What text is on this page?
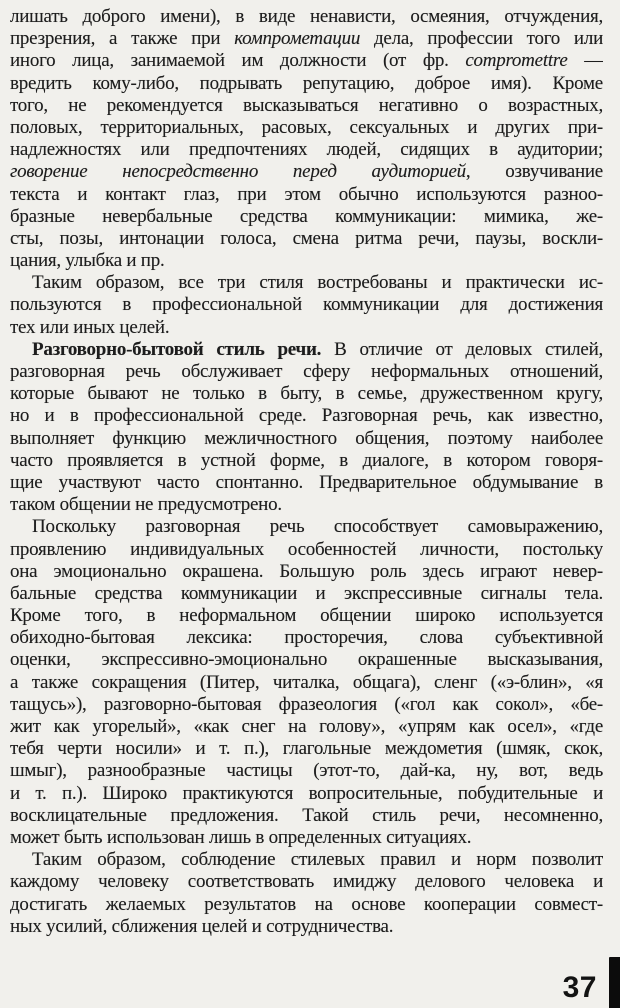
лишать доброго имени), в виде ненависти, осмеяния, отчуждения,
презрения, а также при компрометации дела, профессии того или
иного лица, занимаемой им должности (от фр. compromettre —
вредить кому-либо, подрывать репутацию, доброе имя). Кроме
того, не рекомендуется высказываться негативно о возрастных,
половых, территориальных, расовых, сексуальных и других при-
надлежностях или предпочтениях людей, сидящих в аудитории;
говорение непосредственно перед аудиторией, озвучивание
текста и контакт глаз, при этом обычно используются разноо-
бразные невербальные средства коммуникации: мимика, же-
сты, позы, интонации голоса, смена ритма речи, паузы, воскли-
цания, улыбка и пр.
Таким образом, все три стиля востребованы и практически ис-
пользуются в профессиональной коммуникации для достижения
тех или иных целей.
Разговорно-бытовой стиль речи. В отличие от деловых стилей,
разговорная речь обслуживает сферу неформальных отношений,
которые бывают не только в быту, в семье, дружественном кругу,
но и в профессиональной среде. Разговорная речь, как известно,
выполняет функцию межличностного общения, поэтому наиболее
часто проявляется в устной форме, в диалоге, в котором говоря-
щие участвуют часто спонтанно. Предварительное обдумывание в
таком общении не предусмотрено.
Поскольку разговорная речь способствует самовыражению,
проявлению индивидуальных особенностей личности, постольку
она эмоционально окрашена. Большую роль здесь играют невер-
бальные средства коммуникации и экспрессивные сигналы тела.
Кроме того, в неформальном общении широко используется
обиходно-бытовая лексика: просторечия, слова субъективной
оценки, экспрессивно-эмоционально окрашенные высказывания,
а также сокращения (Питер, читалка, общага), сленг («э-блин», «я
тащусь»), разговорно-бытовая фразеология («гол как сокол», «бе-
жит как угорелый», «как снег на голову», «упрям как осел», «где
тебя черти носили» и т. п.), глагольные междометия (шмяк, скок,
шмыг), разнообразные частицы (этот-то, дай-ка, ну, вот, ведь
и т. п.). Широко практикуются вопросительные, побудительные и
восклицательные предложения. Такой стиль речи, несомненно,
может быть использован лишь в определенных ситуациях.
Таким образом, соблюдение стилевых правил и норм позволит
каждому человеку соответствовать имиджу делового человека и
достигать желаемых результатов на основе кооперации совмест-
ных усилий, сближения целей и сотрудничества.
37
